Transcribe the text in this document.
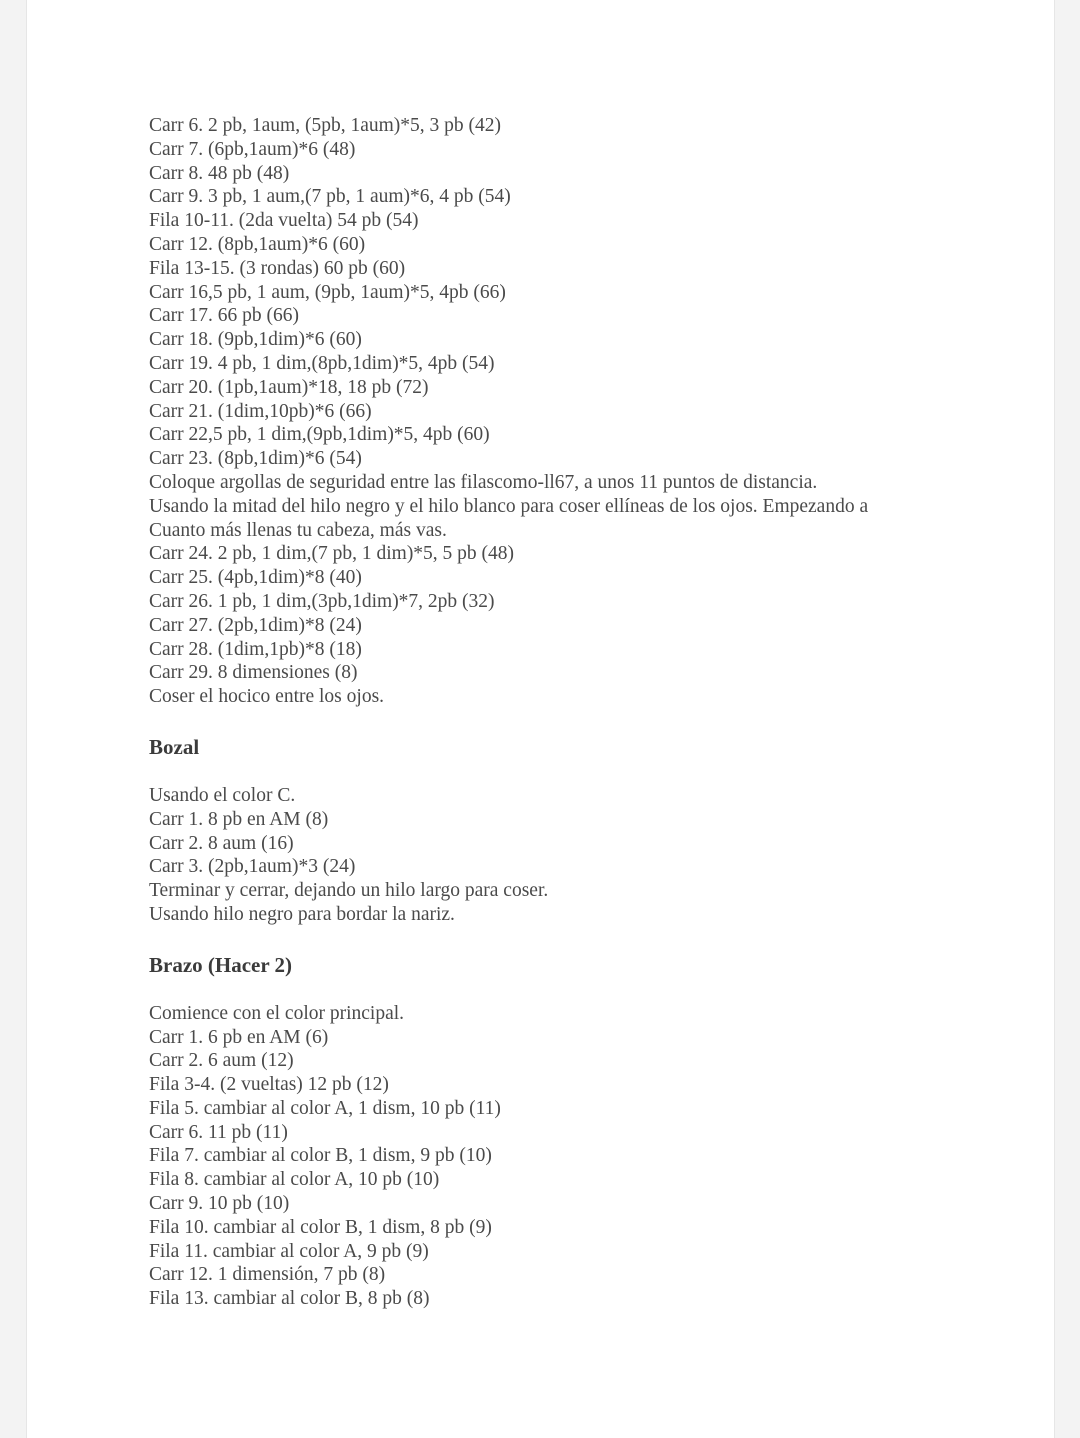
Carr 6. 2 pb, 1aum, (5pb, 1aum)*5, 3 pb (42)

Carr 7. (6pb,1aum)*6 (48)

Carr 8. 48 pb (48)

Carr 9. 3 pb, 1 aum,(7 pb, 1 aum)*6, 4 pb (54)

Fila 10-11. (2da vuelta) 54 pb (54)

Carr 12. (8pb,1aum)*6 (60)

Fila 13-15. (3 rondas) 60 pb (60)

Carr 16,5 pb, 1 aum, (9pb, 1aum)*5, 4pb (66)

Carr 17. 66 pb (66)

Carr 18. (9pb,1dim)*6 (60)

Carr 19. 4 pb, 1 dim,(8pb,1dim)*5, 4pb (54)

Carr 20. (1pb,1aum)*18, 18 pb (72)

Carr 21. (1dim,10pb)*6 (66)

Carr 22,5 pb, 1 dim,(9pb,1dim)*5, 4pb (60)

Carr 23. (8pb,1dim)*6 (54)

Coloque argollas de seguridad entre las filascomo-ll67, a unos 11 puntos de distancia.

Usando la mitad del hilo negro y el hilo blanco para coser ellíneas de los ojos. Empezando a

Cuanto más llenas tu cabeza, más vas.

Carr 24. 2 pb, 1 dim,(7 pb, 1 dim)*5, 5 pb (48)

Carr 25. (4pb,1dim)*8 (40)

Carr 26. 1 pb, 1 dim,(3pb,1dim)*7, 2pb (32)

Carr 27. (2pb,1dim)*8 (24)

Carr 28. (1dim,1pb)*8 (18)

Carr 29. 8 dimensiones (8)

Coser el hocico entre los ojos.

Bozal

Usando el color C.

Carr 1. 8 pb en AM (8)

Carr 2. 8 aum (16)

Carr 3. (2pb,1aum)*3 (24)

Terminar y cerrar, dejando un hilo largo para coser.

Usando hilo negro para bordar la nariz.

Brazo (Hacer 2)

Comience con el color principal.

Carr 1. 6 pb en AM (6)

Carr 2. 6 aum (12)

Fila 3-4. (2 vueltas) 12 pb (12)

Fila 5. cambiar al color A, 1 dism, 10 pb (11)

Carr 6. 11 pb (11)

Fila 7. cambiar al color B, 1 dism, 9 pb (10)

Fila 8. cambiar al color A, 10 pb (10)

Carr 9. 10 pb (10)

Fila 10. cambiar al color B, 1 dism, 8 pb (9)

Fila 11. cambiar al color A, 9 pb (9)

Carr 12. 1 dimensión, 7 pb (8)

Fila 13. cambiar al color B, 8 pb (8)
